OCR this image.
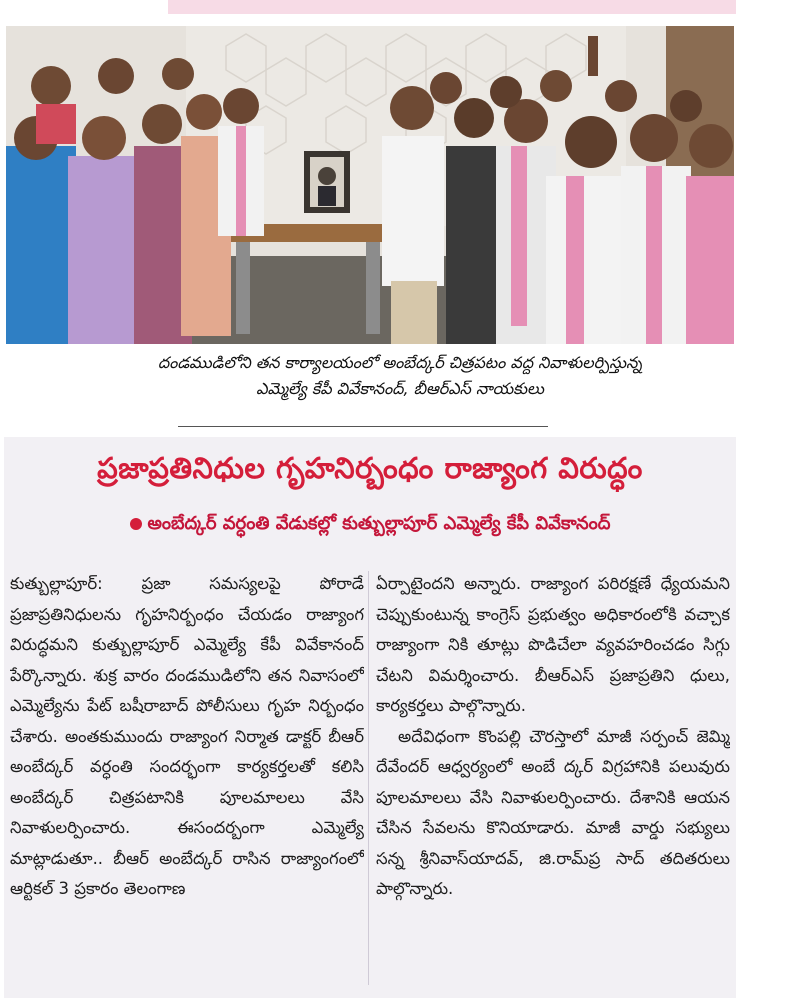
దండముడిలోని తన కార్యాలయంలో అంబేద్కర్ చిత్రపటం వద్ద నివాళులర్పిస్తున్న
ఎమ్మెల్యే కేపీ వివేకానంద్, బీఆర్ఎస్ నాయకులు
ప్రజాప్రతినిధుల గృహనిర్బంధం రాజ్యాంగ విరుద్ధం
అంబేద్కర్ వర్ధంతి వేడుకల్లో కుత్బుల్లాపూర్ ఎమ్మెల్యే కేపీ వివేకానంద్

కుత్బుల్లాపూర్: ప్రజా సమస్యలపై పోరాడే ప్రజాప్రతినిధులను గృహనిర్బంధం చేయడం రాజ్యాంగ విరుద్ధమని కుత్బుల్లాపూర్ ఎమ్మెల్యే కేపీ వివేకానంద్ పేర్కొన్నారు. శుక్ర వారం దండముడిలోని తన నివాసంలో ఎమ్మెల్యేను పేట్ బషీరాబాద్ పోలీసులు గృహ నిర్బంధం చేశారు. అంతకుముందు రాజ్యాంగ నిర్మాత డాక్టర్ బీఆర్ అంబేద్కర్ వర్ధంతి సందర్భంగా కార్యకర్తలతో కలిసి అంబేద్కర్ చిత్రపటానికి పూలమాలలు వేసి నివాళులర్పించారు. ఈసందర్బంగా ఎమ్మెల్యే మాట్లాడుతూ.. బీఆర్ అంబేద్కర్ రాసిన రాజ్యాంగంలో ఆర్టికల్ 3 ప్రకారం తెలంగాణ

ఏర్పాటైందని అన్నారు. రాజ్యాంగ పరిరక్షణే ధ్యేయమని చెప్పుకుంటున్న కాంగ్రెస్ ప్రభుత్వం అధికారంలోకి వచ్చాక రాజ్యాంగా నికి తూట్లు పొడిచేలా వ్యవహరించడం సిగ్గు చేటని విమర్శించారు. బీఆర్ఎస్ ప్రజాప్రతిని ధులు, కార్యకర్తలు పాల్గొన్నారు.

అదేవిధంగా కొంపల్లి చౌరస్తాలో మాజీ సర్పంచ్ జెమ్మి దేవేందర్ ఆధ్వర్యంలో అంబే ద్కర్ విగ్రహానికి పలువురు పూలమాలలు వేసి నివాళులర్పించారు. దేశానికి ఆయన చేసిన సేవలను కొనియాడారు. మాజీ వార్డు సభ్యులు సన్న శ్రీనివాస్‌యాదవ్, జి.రామ్‌ప్ర సాద్ తదితరులు పాల్గొన్నారు.
